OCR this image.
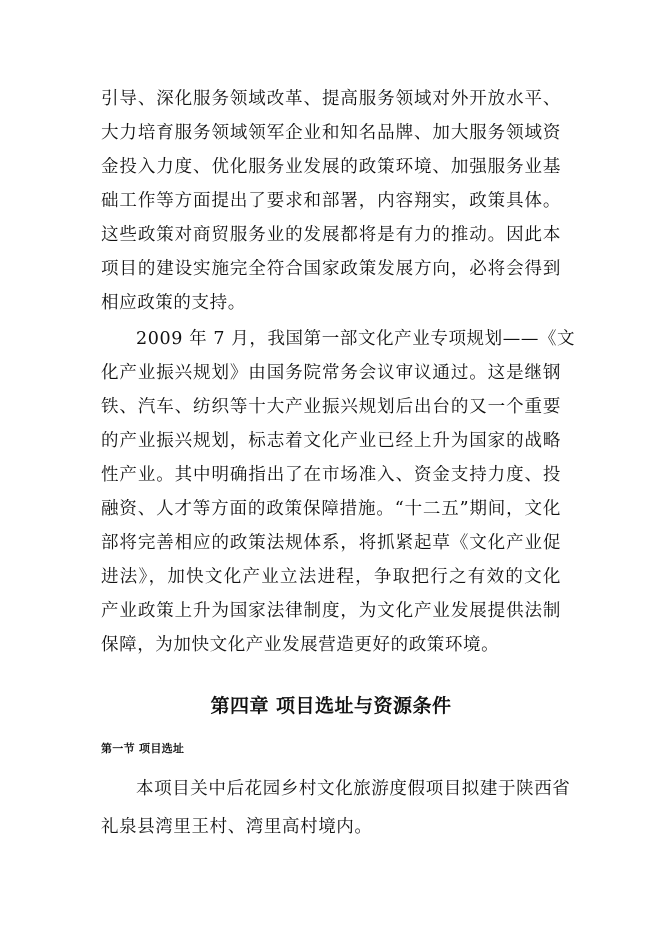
引导、深化服务领域改革、提高服务领域对外开放水平、
大力培育服务领域领军企业和知名品牌、加大服务领域资
金投入力度、优化服务业发展的政策环境、加强服务业基
础工作等方面提出了要求和部署，内容翔实，政策具体。
这些政策对商贸服务业的发展都将是有力的推动。因此本
项目的建设实施完全符合国家政策发展方向，必将会得到
相应政策的支持。
2009 年 7 月，我国第一部文化产业专项规划——《文
化产业振兴规划》由国务院常务会议审议通过。这是继钢
铁、汽车、纺织等十大产业振兴规划后出台的又一个重要
的产业振兴规划，标志着文化产业已经上升为国家的战略
性产业。其中明确指出了在市场准入、资金支持力度、投
融资、人才等方面的政策保障措施。“十二五”期间，文化
部将完善相应的政策法规体系，将抓紧起草《文化产业促
进法》，加快文化产业立法进程，争取把行之有效的文化
产业政策上升为国家法律制度，为文化产业发展提供法制
保障，为加快文化产业发展营造更好的政策环境。
第四章 项目选址与资源条件
第一节 项目选址
本项目关中后花园乡村文化旅游度假项目拟建于陕西省
礼泉县湾里王村、湾里高村境内。
